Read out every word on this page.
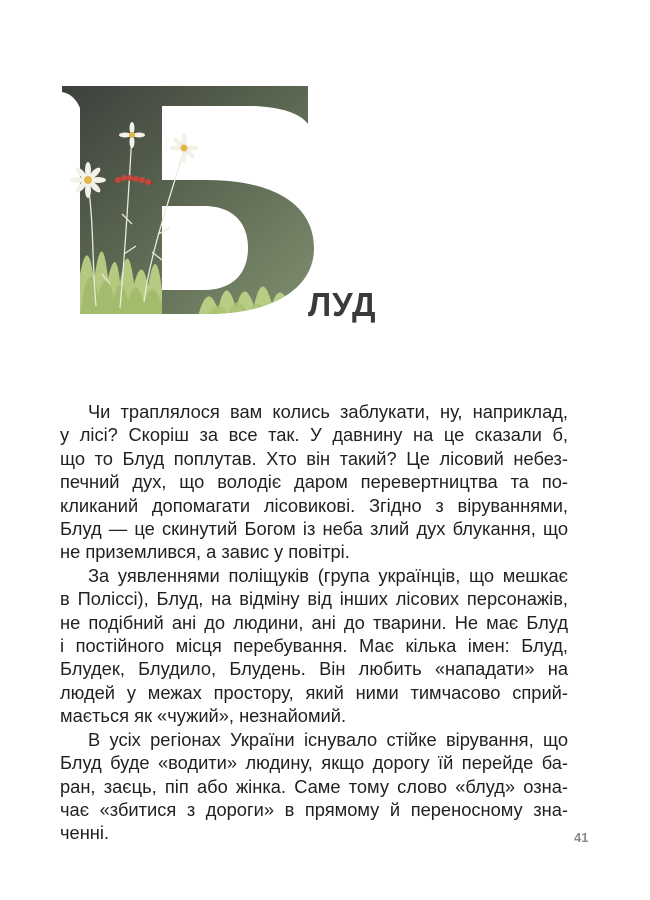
ЛУД

Чи траплялося вам колись заблукати, ну, наприклад,
у лісі? Скоріш за все так. У давнину на це сказали б,
що то Блуд поплутав. Хто він такий? Це лісовий небез-
печний дух, що володіє даром перевертництва та по-
кликаний допомагати лісовикові. Згідно з віруваннями,
Блуд — це скинутий Богом із неба злий дух блукання, що
не приземлився, а завис у повітрі.

За уявленнями поліщуків (група українців, що мешкає
в Поліссі), Блуд, на відміну від інших лісових персонажів,
не подібний ані до людини, ані до тварини. Не має Блуд
і постійного місця перебування. Має кілька імен: Блуд,
Блудек, Блудило, Блудень. Він любить «нападати» на
людей у межах простору, який ними тимчасово сприй-
мається як «чужий», незнайомий.

В усіх регіонах України існувало стійке вірування, що
Блуд буде «водити» людину, якщо дорогу їй перейде ба-
ран, заєць, піп або жінка. Саме тому слово «блуд» озна-
чає «збитися з дороги» в прямому й переносному зна-
ченні.	41
